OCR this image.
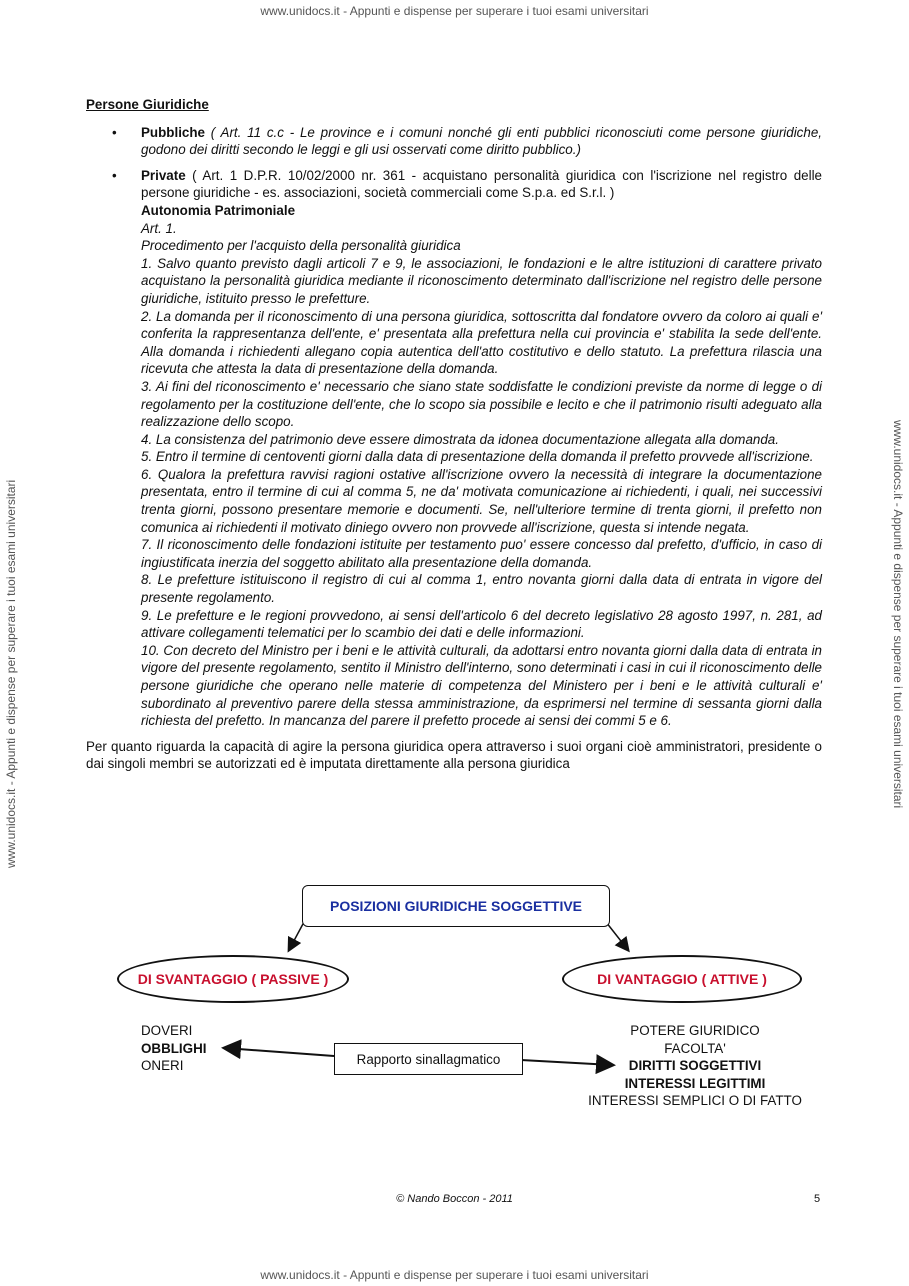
www.unidocs.it - Appunti e dispense per superare i tuoi esami universitari
www.unidocs.it - Appunti e dispense per superare i tuoi esami universitari	www.unidocs.it - Appunti e dispense per superare i tuoi esami universitari
Persone Giuridiche
• Pubbliche ( Art. 11 c.c - Le province e i comuni nonché gli enti pubblici riconosciuti come persone giuridiche, godono dei diritti secondo le leggi e gli usi osservati come diritto pubblico.)
• Private ( Art. 1 D.P.R. 10/02/2000 nr. 361 - acquistano personalità giuridica con l'iscrizione nel registro delle persone giuridiche - es. associazioni, società commerciali come S.p.a. ed S.r.l. )

Autonomia Patrimoniale

Art. 1.

Procedimento per l'acquisto della personalità giuridica

1. Salvo quanto previsto dagli articoli 7 e 9, le associazioni, le fondazioni e le altre istituzioni di carattere privato acquistano la personalità giuridica mediante il riconoscimento determinato dall'iscrizione nel registro delle persone giuridiche, istituito presso le prefetture.

2. La domanda per il riconoscimento di una persona giuridica, sottoscritta dal fondatore ovvero da coloro ai quali e' conferita la rappresentanza dell'ente, e' presentata alla prefettura nella cui provincia e' stabilita la sede dell'ente. Alla domanda i richiedenti allegano copia autentica dell'atto costitutivo e dello statuto. La prefettura rilascia una ricevuta che attesta la data di presentazione della domanda.

3. Ai fini del riconoscimento e' necessario che siano state soddisfatte le condizioni previste da norme di legge o di regolamento per la costituzione dell'ente, che lo scopo sia possibile e lecito e che il patrimonio risulti adeguato alla realizzazione dello scopo.

4. La consistenza del patrimonio deve essere dimostrata da idonea documentazione allegata alla domanda.

5. Entro il termine di centoventi giorni dalla data di presentazione della domanda il prefetto provvede all'iscrizione.

6. Qualora la prefettura ravvisi ragioni ostative all'iscrizione ovvero la necessità di integrare la documentazione presentata, entro il termine di cui al comma 5, ne da' motivata comunicazione ai richiedenti, i quali, nei successivi trenta giorni, possono presentare memorie e documenti. Se, nell'ulteriore termine di trenta giorni, il prefetto non comunica ai richiedenti il motivato diniego ovvero non provvede all'iscrizione, questa si intende negata.

7. Il riconoscimento delle fondazioni istituite per testamento puo' essere concesso dal prefetto, d'ufficio, in caso di ingiustificata inerzia del soggetto abilitato alla presentazione della domanda.

8. Le prefetture istituiscono il registro di cui al comma 1, entro novanta giorni dalla data di entrata in vigore del presente regolamento.

9. Le prefetture e le regioni provvedono, ai sensi dell'articolo 6 del decreto legislativo 28 agosto 1997, n. 281, ad attivare collegamenti telematici per lo scambio dei dati e delle informazioni.

10. Con decreto del Ministro per i beni e le attività culturali, da adottarsi entro novanta giorni dalla data di entrata in vigore del presente regolamento, sentito il Ministro dell'interno, sono determinati i casi in cui il riconoscimento delle persone giuridiche che operano nelle materie di competenza del Ministero per i beni e le attività culturali e' subordinato al preventivo parere della stessa amministrazione, da esprimersi nel termine di sessanta giorni dalla richiesta del prefetto. In mancanza del parere il prefetto procede ai sensi dei commi 5 e 6.

Per quanto riguarda la capacità di agire la persona giuridica opera attraverso i suoi organi cioè amministratori, presidente o dai singoli membri se autorizzati ed è imputata direttamente alla persona giuridica
POSIZIONI GIURIDICHE SOGGETTIVE
DI SVANTAGGIO ( PASSIVE )	DI VANTAGGIO ( ATTIVE )
DOVERI
OBBLIGHI
ONERI	Rapporto sinallagmatico
POTERE GIURIDICO
FACOLTA'
DIRITTI SOGGETTIVI
INTERESSI LEGITTIMI
INTERESSI SEMPLICI O DI FATTO
© Nando Boccon - 2011	5
www.unidocs.it - Appunti e dispense per superare i tuoi esami universitari
